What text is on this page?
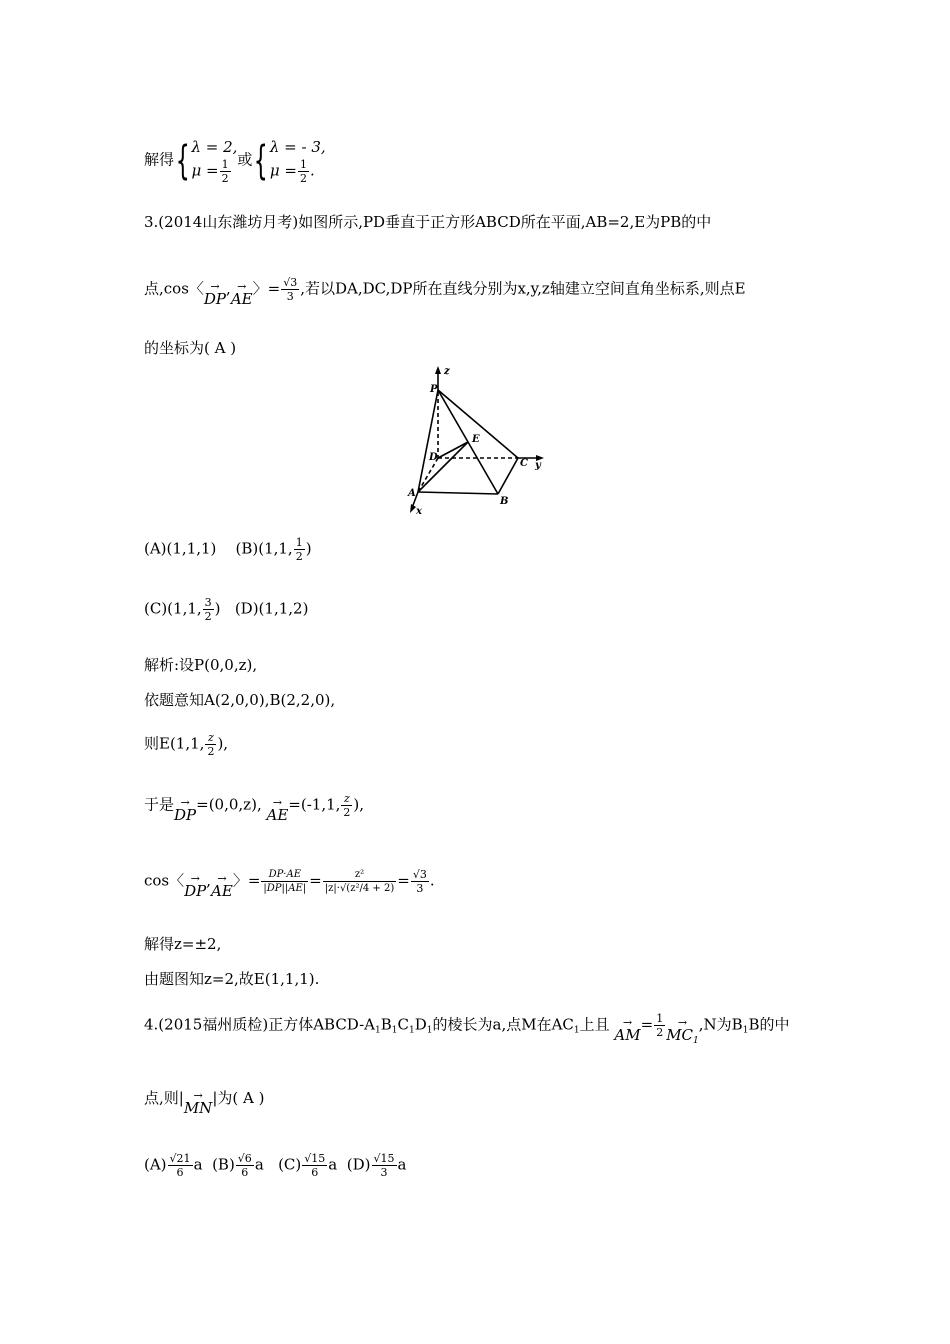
解得{ λ = 2,
$\mu = \frac{1}{2}$ 或{ λ = - 3,
$\mu = \frac{1}{2}$ .
3.(2014山东潍坊月考)如图所示,PD垂直于正方形ABCD所在平面,AB=2,E为PB的中
点,cos〈 →
DP, →
AE〉= $\frac{√3}{3}$ ,若以DA,DC,DP所在直线分别为x,y,z轴建立空间直角坐标系,则点E
的坐标为( A )
P
z
E
D
C y
A
B
x
(A)(1,1,1) (B)(1,1, $\frac{1}{2}$ )
(C)(1,1, $\frac{3}{2}$ ) (D)(1,1,2)
解析:设P(0,0,z),
依题意知A(2,0,0),B(2,2,0),
则E(1,1, $\frac{z}{2}$ ),
于是 →
DP=(0,0,z),	→
AE=(-1,1, $\frac{z}{2}$ ),
cos〈 →
DP, →
AE〉= $\frac{DP\cdot AE}{|DP||AE|} = \frac{\text{z²}}{\text{|z|·√(z²/4 + 2)}} = \frac{√3}{3}$ .
解得z=±2,
由题图知z=2,故E(1,1,1).
4.(2015福州质检)正方体ABCD-$A_1B_1C_1D_1$的棱长为a,点M在$AC_1$上且	→
$AM= \frac{1}{2}$	→
$MC_1,N$为$B_1B$的中
点,则| →
MN|为( A )
$(A) \frac{√21}{6}$ a $(B) \frac{√6}{6}$ a $(C) \frac{√15}{6}$ a $(D) \frac{√15}{3}$ a
